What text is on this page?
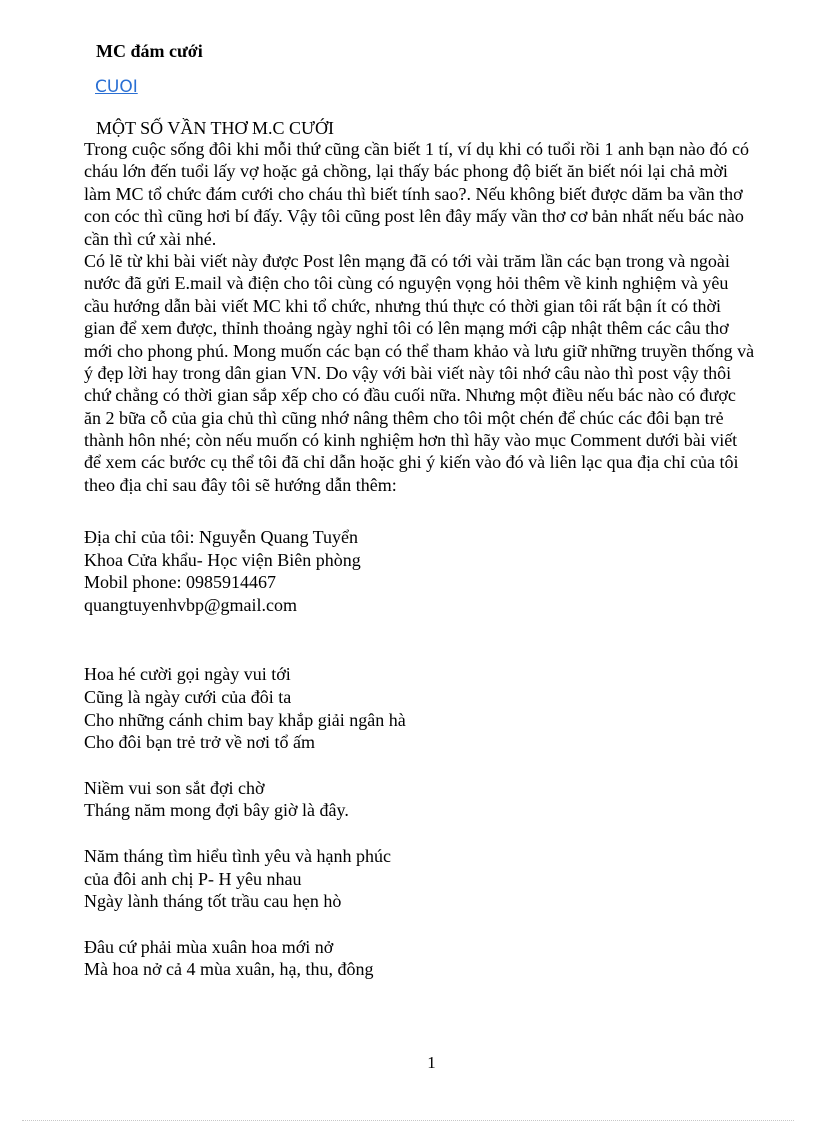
MC đám cưới
CUOI
MỘT SỐ VẦN THƠ M.C CƯỚI
Trong cuộc sống đôi khi mỗi thứ cũng cần biết 1 tí, ví dụ khi có tuổi rồi 1 anh bạn nào đó có
cháu lớn đến tuổi lấy vợ hoặc gả chồng, lại thấy bác phong độ biết ăn biết nói lại chả mời
làm MC tổ chức đám cưới cho cháu thì biết tính sao?. Nếu không biết được dăm ba vần thơ
con cóc thì cũng hơi bí đấy. Vậy tôi cũng post lên đây mấy vần thơ cơ bản nhất nếu bác nào
cần thì cứ xài nhé.
Có lẽ từ khi bài viết này được Post lên mạng đã có tới vài trăm lần các bạn trong và ngoài
nước đã gửi E.mail và điện cho tôi cùng có nguyện vọng hỏi thêm về kinh nghiệm và yêu
cầu hướng dẫn bài viết MC khi tổ chức, nhưng thú thực có thời gian tôi rất bận ít có thời
gian để xem được, thỉnh thoảng ngày nghỉ tôi có lên mạng mới cập nhật thêm các câu thơ
mới cho phong phú. Mong muốn các bạn có thể tham khảo và lưu giữ những truyền thống và
ý đẹp lời hay trong dân gian VN. Do vậy với bài viết này tôi nhớ câu nào thì post vậy thôi
chứ chẳng có thời gian sắp xếp cho có đầu cuối nữa. Nhưng một điều nếu bác nào có được
ăn 2 bữa cỗ của gia chủ thì cũng nhớ nâng thêm cho tôi một chén để chúc các đôi bạn trẻ
thành hôn nhé; còn nếu muốn có kinh nghiệm hơn thì hãy vào mục Comment dưới bài viết
để xem các bước cụ thể tôi đã chỉ dẫn hoặc ghi ý kiến vào đó và liên lạc qua địa chỉ của tôi
theo địa chỉ sau đây tôi sẽ hướng dẫn thêm:
Địa chỉ của tôi: Nguyễn Quang Tuyển
Khoa Cửa khẩu- Học viện Biên phòng
Mobil phone: 0985914467
quangtuyenhvbp@gmail.com
Hoa hé cười gọi ngày vui tới
Cũng là ngày cưới của đôi ta
Cho những cánh chim bay khắp giải ngân hà
Cho đôi bạn trẻ trở về nơi tổ ấm
Niềm vui son sắt đợi chờ
Tháng năm mong đợi bây giờ là đây.
Năm tháng tìm hiểu tình yêu và hạnh phúc
của đôi anh chị P- H yêu nhau
Ngày lành tháng tốt trầu cau hẹn hò
Đâu cứ phải mùa xuân hoa mới nở
Mà hoa nở cả 4 mùa xuân, hạ, thu, đông
1
